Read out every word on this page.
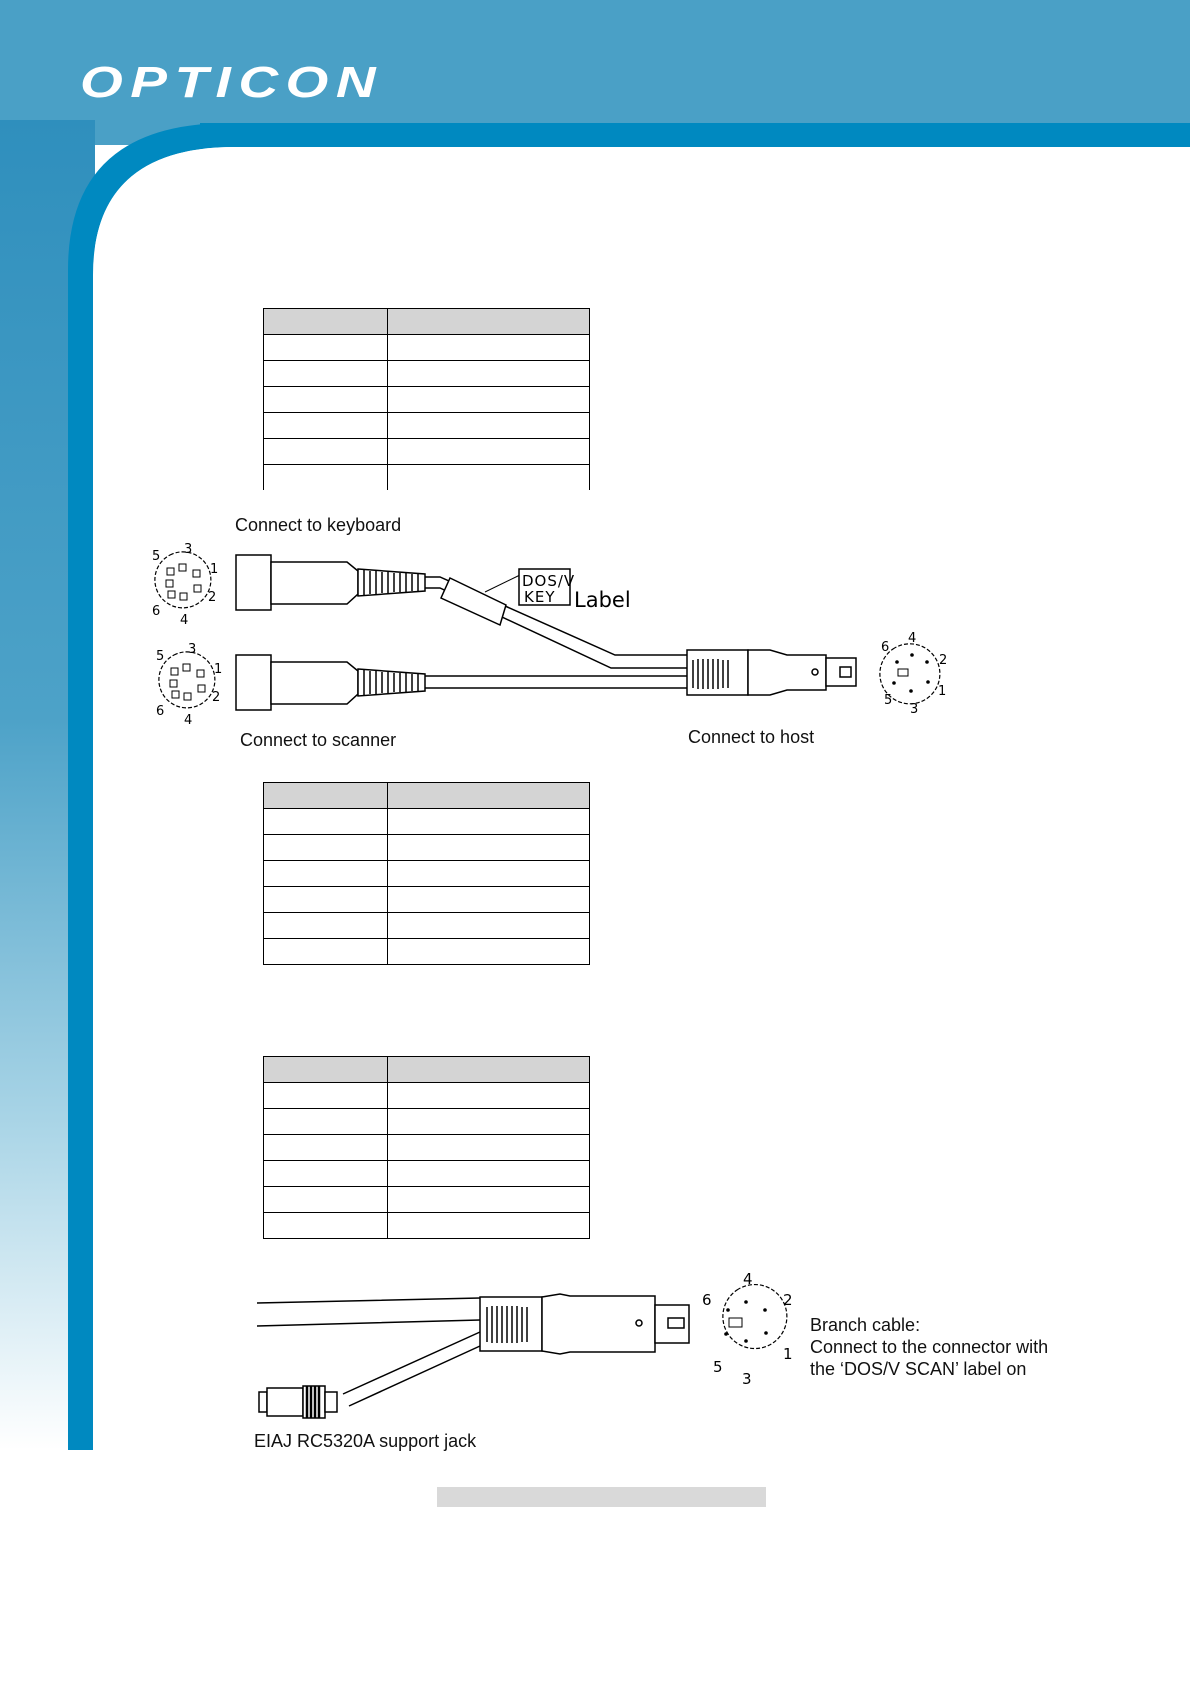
OPTICON

Connect to keyboard
Connect to scanner	Connect to host
DOS/V
KEY Label
1
2
3
4
5
6
1
2
3
4
5
6
1
2
3
4
5
6

1
2
3
4
5
6
Branch cable:
Connect to the connector with
the ‘DOS/V SCAN’ label on
EIAJ RC5320A support jack
